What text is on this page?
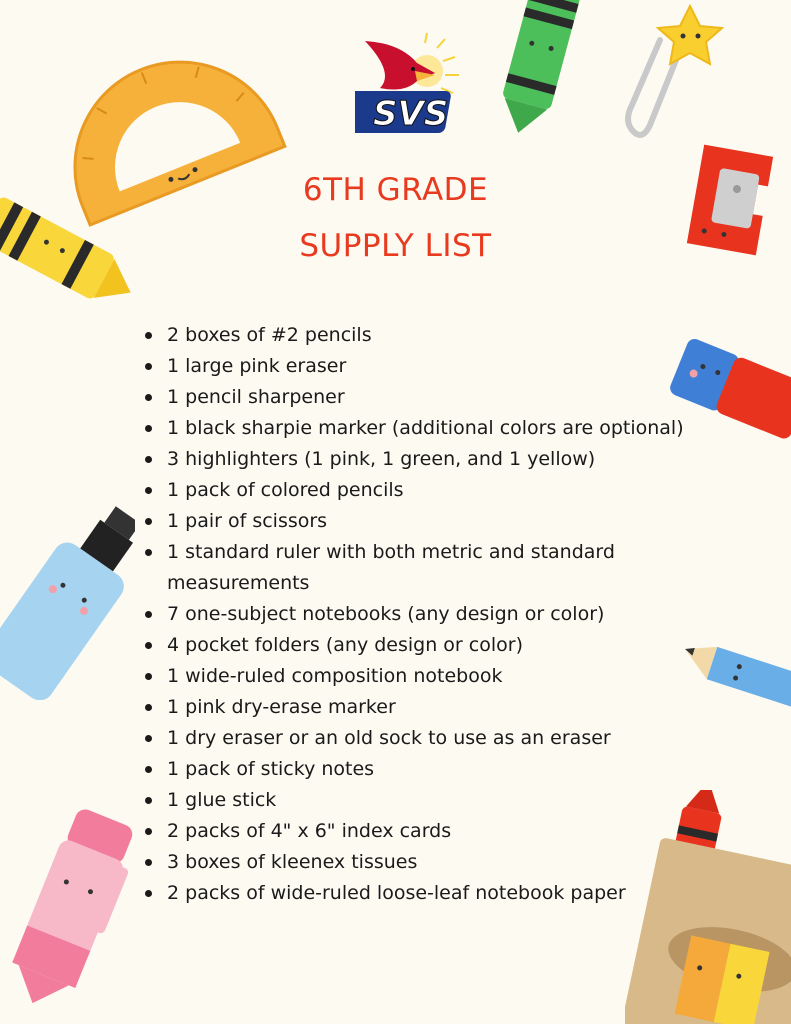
SVS
6TH GRADE
SUPPLY LIST
2 boxes of #2 pencils
1 large pink eraser
1 pencil sharpener
1 black sharpie marker (additional colors are optional)
3 highlighters (1 pink, 1 green, and 1 yellow)
1 pack of colored pencils
1 pair of scissors
1 standard ruler with both metric and standard measurements
7 one-subject notebooks (any design or color)
4 pocket folders (any design or color)
1 wide-ruled composition notebook
1 pink dry-erase marker
1 dry eraser or an old sock to use as an eraser
1 pack of sticky notes
1 glue stick
2 packs of 4" x 6" index cards
3 boxes of kleenex tissues
2 packs of wide-ruled loose-leaf notebook paper
